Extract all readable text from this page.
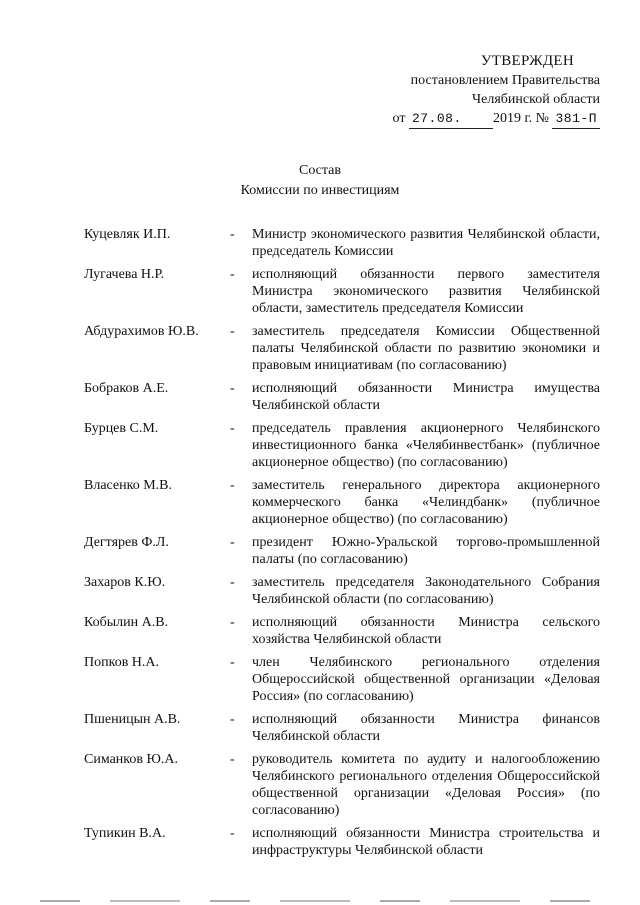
УТВЕРЖДЕН
постановлением Правительства
Челябинской области
от 27.08. 2019 г. № 381-П
Состав
Комиссии по инвестициям
Куцевляк И.П.	-	Министр экономического развития Челябинской области, председатель Комиссии
Лугачева Н.Р.	-	исполняющий обязанности первого заместителя Министра экономического развития Челябинской области, заместитель председателя Комиссии
Абдурахимов Ю.В.	-	заместитель председателя Комиссии Общественной палаты Челябинской области по развитию экономики и правовым инициативам (по согласованию)
Бобраков А.Е.	-	исполняющий обязанности Министра имущества Челябинской области
Бурцев С.М.	-	председатель правления акционерного Челябинского инвестиционного банка «Челябинвестбанк» (публичное акционерное общество) (по согласованию)
Власенко М.В.	-	заместитель генерального директора акционерного коммерческого банка «Челиндбанк» (публичное акционерное общество) (по согласованию)
Дегтярев Ф.Л.	-	президент Южно-Уральской торгово-промышленной палаты (по согласованию)
Захаров К.Ю.	-	заместитель председателя Законодательного Собрания Челябинской области (по согласованию)
Кобылин А.В.	-	исполняющий обязанности Министра сельского хозяйства Челябинской области
Попков Н.А.	-	член Челябинского регионального отделения Общероссийской общественной организации «Деловая Россия» (по согласованию)
Пшеницын А.В.	-	исполняющий обязанности Министра финансов Челябинской области
Симанков Ю.А.	-	руководитель комитета по аудиту и налогообложению Челябинского регионального отделения Общероссийской общественной организации «Деловая Россия» (по согласованию)
Тупикин В.А.	-	исполняющий обязанности Министра строительства и инфраструктуры Челябинской области
